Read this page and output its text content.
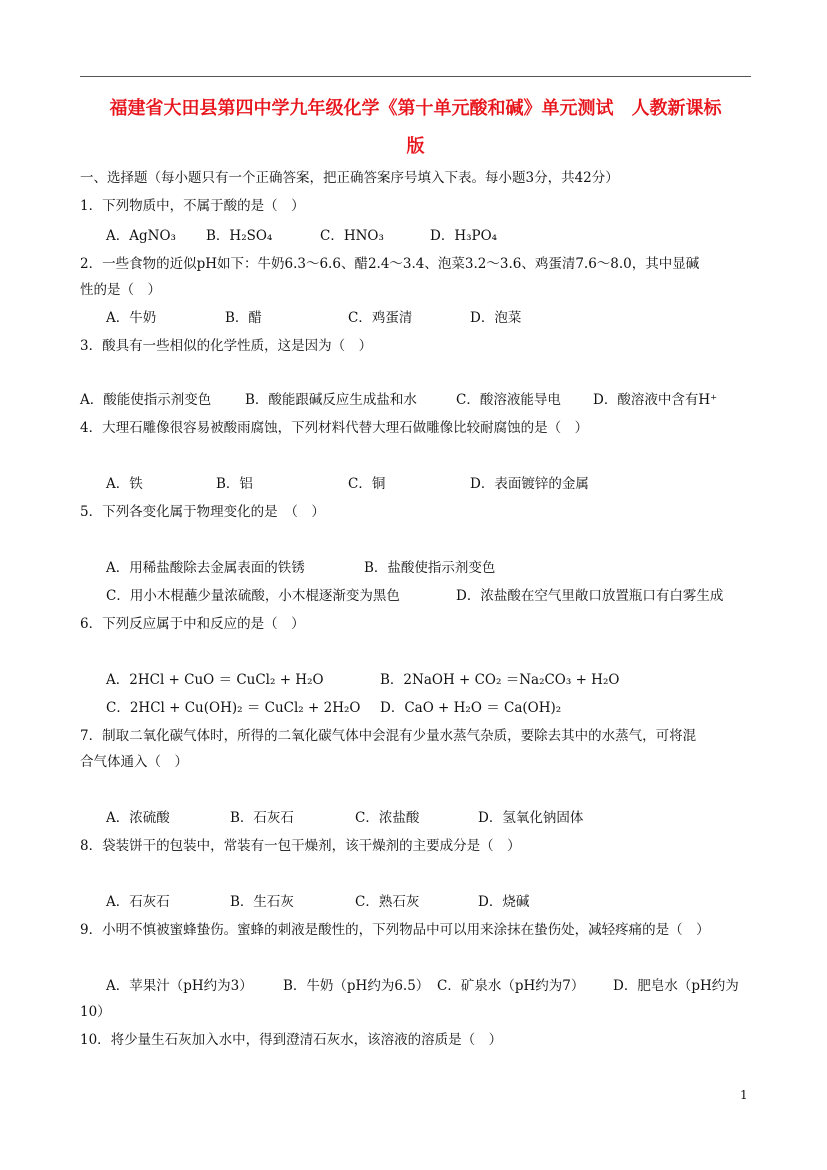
福建省大田县第四中学九年级化学《第十单元酸和碱》单元测试　人教新课标
版
一、选择题（每小题只有一个正确答案，把正确答案序号填入下表。每小题3分，共42分）
1．下列物质中，不属于酸的是（　）
A．AgNO₃ B．H₂SO₄	C．HNO₃	D．H₃PO₄
2．一些食物的近似pH如下：牛奶6.3～6.6、醋2.4～3.4、泡菜3.2～3.6、鸡蛋清7.6～8.0，其中显碱
性的是（　）
A．牛奶	B．醋	C．鸡蛋清	D．泡菜
3．酸具有一些相似的化学性质，这是因为（　）
A．酸能使指示剂变色	B．酸能跟碱反应生成盐和水	C．酸溶液能导电 D．酸溶液中含有H⁺
4．大理石雕像很容易被酸雨腐蚀，下列材料代替大理石做雕像比较耐腐蚀的是（　）
A．铁	B．铝	C．铜	D．表面镀锌的金属
5．下列各变化属于物理变化的是　（　）
A．用稀盐酸除去金属表面的铁锈	B．盐酸使指示剂变色
C．用小木棍蘸少量浓硫酸，小木棍逐渐变为黑色	D．浓盐酸在空气里敞口放置瓶口有白雾生成
6．下列反应属于中和反应的是（　）
A．2HCl + CuO ＝ CuCl₂ + H₂O	B．2NaOH + CO₂ ＝Na₂CO₃ + H₂O
C．2HCl + Cu(OH)₂ ＝ CuCl₂ + 2H₂O D．CaO + H₂O ＝ Ca(OH)₂
7．制取二氧化碳气体时，所得的二氧化碳气体中会混有少量水蒸气杂质，要除去其中的水蒸气，可将混
合气体通入（　）
A．浓硫酸	B．石灰石	C．浓盐酸	D．氢氧化钠固体
8．袋装饼干的包装中，常装有一包干燥剂，该干燥剂的主要成分是（　）
A．石灰石	B．生石灰	C．熟石灰	D．烧碱
9．小明不慎被蜜蜂蛰伤。蜜蜂的刺液是酸性的，下列物品中可以用来涂抹在蛰伤处，减轻疼痛的是（　）
A．苹果汁（pH约为3） B．牛奶（pH约为6.5） C．矿泉水（pH约为7） D．肥皂水（pH约为
10）
10．将少量生石灰加入水中，得到澄清石灰水，该溶液的溶质是（　）
1
